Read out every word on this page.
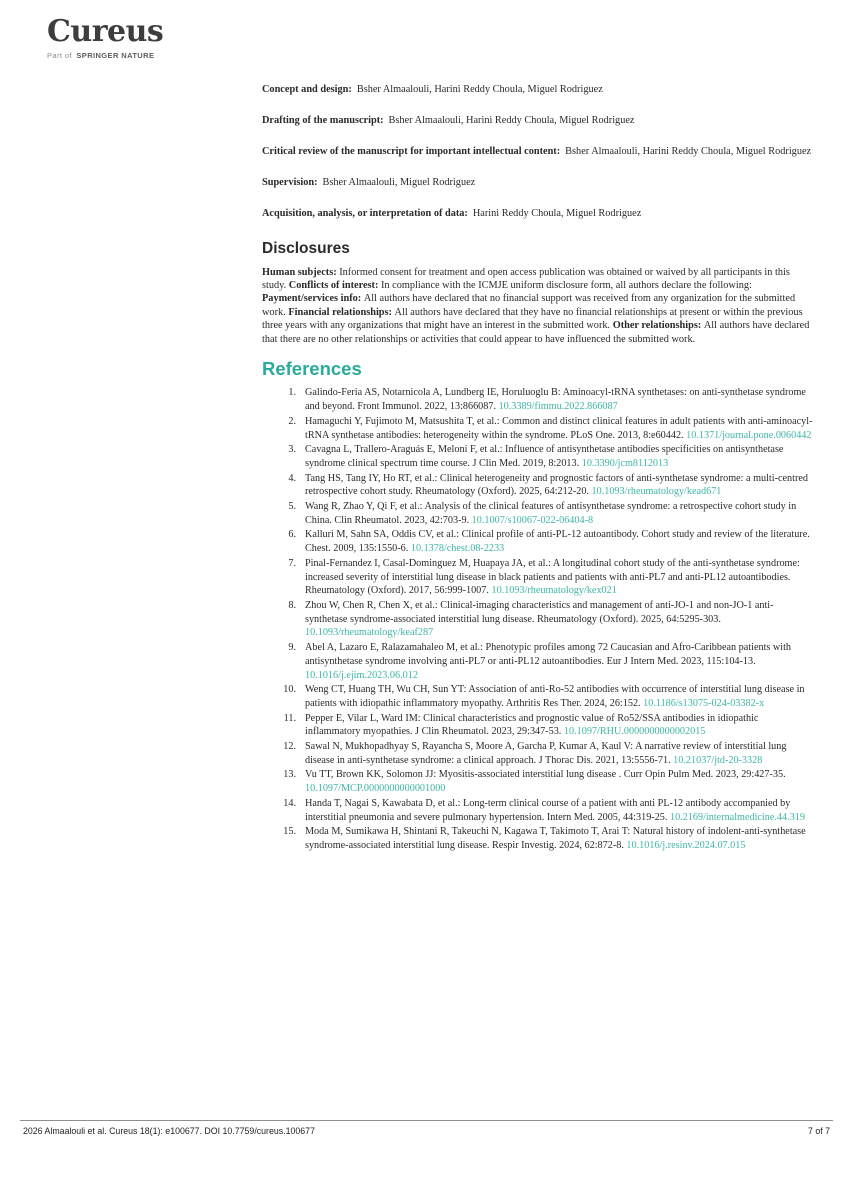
Cureus
Part of SPRINGER NATURE
Concept and design: Bsher Almaalouli, Harini Reddy Choula, Miguel Rodriguez
Drafting of the manuscript: Bsher Almaalouli, Harini Reddy Choula, Miguel Rodriguez
Critical review of the manuscript for important intellectual content: Bsher Almaalouli, Harini Reddy Choula, Miguel Rodriguez
Supervision: Bsher Almaalouli, Miguel Rodriguez
Acquisition, analysis, or interpretation of data: Harini Reddy Choula, Miguel Rodriguez
Disclosures
Human subjects: Informed consent for treatment and open access publication was obtained or waived by all participants in this study. Conflicts of interest: In compliance with the ICMJE uniform disclosure form, all authors declare the following: Payment/services info: All authors have declared that no financial support was received from any organization for the submitted work. Financial relationships: All authors have declared that they have no financial relationships at present or within the previous three years with any organizations that might have an interest in the submitted work. Other relationships: All authors have declared that there are no other relationships or activities that could appear to have influenced the submitted work.
References
1. Galindo-Feria AS, Notarnicola A, Lundberg IE, Horuluoglu B: Aminoacyl-tRNA synthetases: on anti-synthetase syndrome and beyond. Front Immunol. 2022, 13:866087. 10.3389/fimmu.2022.866087
2. Hamaguchi Y, Fujimoto M, Matsushita T, et al.: Common and distinct clinical features in adult patients with anti-aminoacyl-tRNA synthetase antibodies: heterogeneity within the syndrome. PLoS One. 2013, 8:e60442. 10.1371/journal.pone.0060442
3. Cavagna L, Trallero-Araguás E, Meloni F, et al.: Influence of antisynthetase antibodies specificities on antisynthetase syndrome clinical spectrum time course. J Clin Med. 2019, 8:2013. 10.3390/jcm8112013
4. Tang HS, Tang IY, Ho RT, et al.: Clinical heterogeneity and prognostic factors of anti-synthetase syndrome: a multi-centred retrospective cohort study. Rheumatology (Oxford). 2025, 64:212-20. 10.1093/rheumatology/kead671
5. Wang R, Zhao Y, Qi F, et al.: Analysis of the clinical features of antisynthetase syndrome: a retrospective cohort study in China. Clin Rheumatol. 2023, 42:703-9. 10.1007/s10067-022-06404-8
6. Kalluri M, Sahn SA, Oddis CV, et al.: Clinical profile of anti-PL-12 autoantibody. Cohort study and review of the literature. Chest. 2009, 135:1550-6. 10.1378/chest.08-2233
7. Pinal-Fernandez I, Casal-Dominguez M, Huapaya JA, et al.: A longitudinal cohort study of the anti-synthetase syndrome: increased severity of interstitial lung disease in black patients and patients with anti-PL7 and anti-PL12 autoantibodies. Rheumatology (Oxford). 2017, 56:999-1007. 10.1093/rheumatology/kex021
8. Zhou W, Chen R, Chen X, et al.: Clinical-imaging characteristics and management of anti-JO-1 and non-JO-1 anti-synthetase syndrome-associated interstitial lung disease. Rheumatology (Oxford). 2025, 64:5295-303. 10.1093/rheumatology/keaf287
9. Abel A, Lazaro E, Ralazamahaleo M, et al.: Phenotypic profiles among 72 Caucasian and Afro-Caribbean patients with antisynthetase syndrome involving anti-PL7 or anti-PL12 autoantibodies. Eur J Intern Med. 2023, 115:104-13. 10.1016/j.ejim.2023.06.012
10. Weng CT, Huang TH, Wu CH, Sun YT: Association of anti-Ro-52 antibodies with occurrence of interstitial lung disease in patients with idiopathic inflammatory myopathy. Arthritis Res Ther. 2024, 26:152. 10.1186/s13075-024-03382-x
11. Pepper E, Vilar L, Ward IM: Clinical characteristics and prognostic value of Ro52/SSA antibodies in idiopathic inflammatory myopathies. J Clin Rheumatol. 2023, 29:347-53. 10.1097/RHU.0000000000002015
12. Sawal N, Mukhopadhyay S, Rayancha S, Moore A, Garcha P, Kumar A, Kaul V: A narrative review of interstitial lung disease in anti-synthetase syndrome: a clinical approach. J Thorac Dis. 2021, 13:5556-71. 10.21037/jtd-20-3328
13. Vu TT, Brown KK, Solomon JJ: Myositis-associated interstitial lung disease . Curr Opin Pulm Med. 2023, 29:427-35. 10.1097/MCP.0000000000001000
14. Handa T, Nagai S, Kawabata D, et al.: Long-term clinical course of a patient with anti PL-12 antibody accompanied by interstitial pneumonia and severe pulmonary hypertension. Intern Med. 2005, 44:319-25. 10.2169/internalmedicine.44.319
15. Moda M, Sumikawa H, Shintani R, Takeuchi N, Kagawa T, Takimoto T, Arai T: Natural history of indolent-anti-synthetase syndrome-associated interstitial lung disease. Respir Investig. 2024, 62:872-8. 10.1016/j.resinv.2024.07.015
2026 Almaalouli et al. Cureus 18(1): e100677. DOI 10.7759/cureus.100677	7 of 7
